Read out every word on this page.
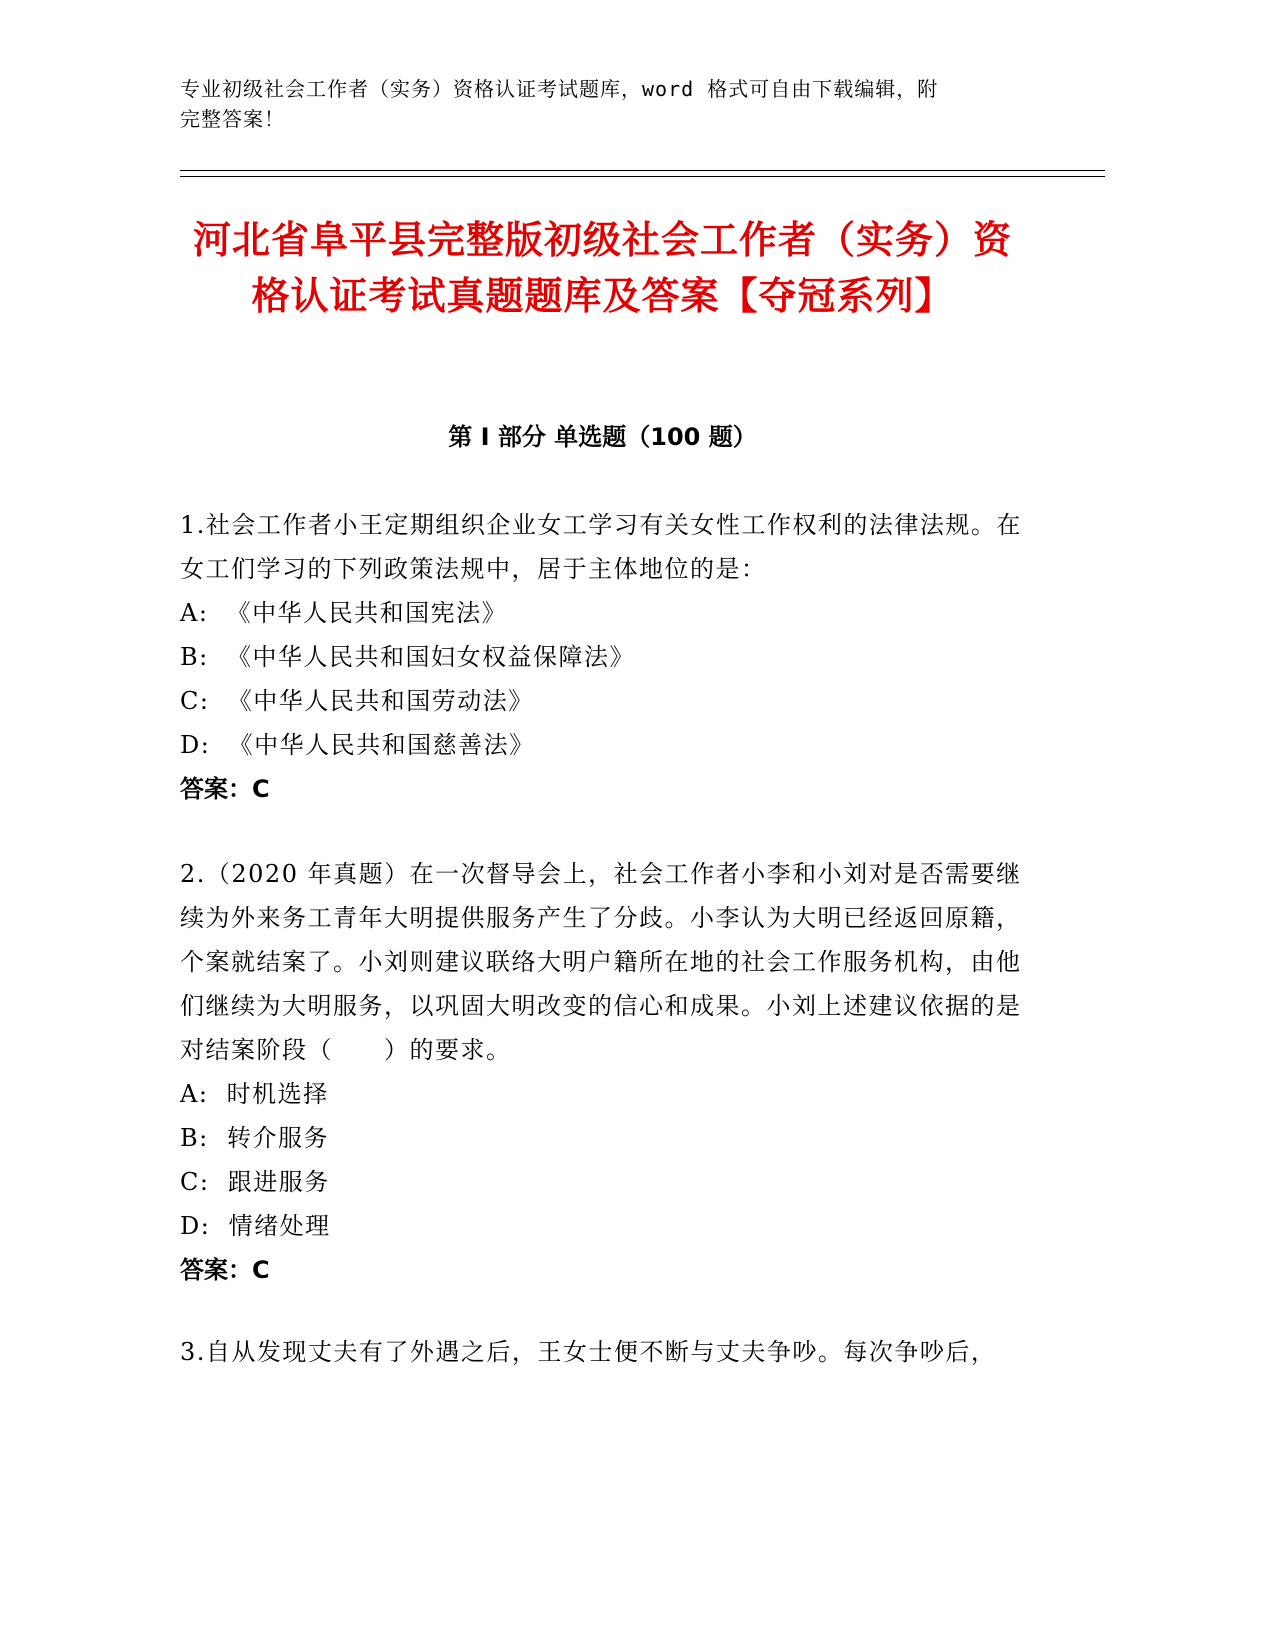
专业初级社会工作者（实务）资格认证考试题库，word 格式可自由下载编辑，附
完整答案！
河北省阜平县完整版初级社会工作者（实务）资格认证考试真题题库及答案【夺冠系列】
第 I 部分 单选题（100 题）
1.社会工作者小王定期组织企业女工学习有关女性工作权利的法律法规。在女工们学习的下列政策法规中，居于主体地位的是：
A:  《中华人民共和国宪法》
B:  《中华人民共和国妇女权益保障法》
C:  《中华人民共和国劳动法》
D:  《中华人民共和国慈善法》
答案：C
2.（2020 年真题）在一次督导会上，社会工作者小李和小刘对是否需要继续为外来务工青年大明提供服务产生了分歧。小李认为大明已经返回原籍，个案就结案了。小刘则建议联络大明户籍所在地的社会工作服务机构，由他们继续为大明服务，以巩固大明改变的信心和成果。小刘上述建议依据的是对结案阶段（　　）的要求。
A:  时机选择
B:  转介服务
C:  跟进服务
D:  情绪处理
答案：C
3.自从发现丈夫有了外遇之后，王女士便不断与丈夫争吵。每次争吵后，
